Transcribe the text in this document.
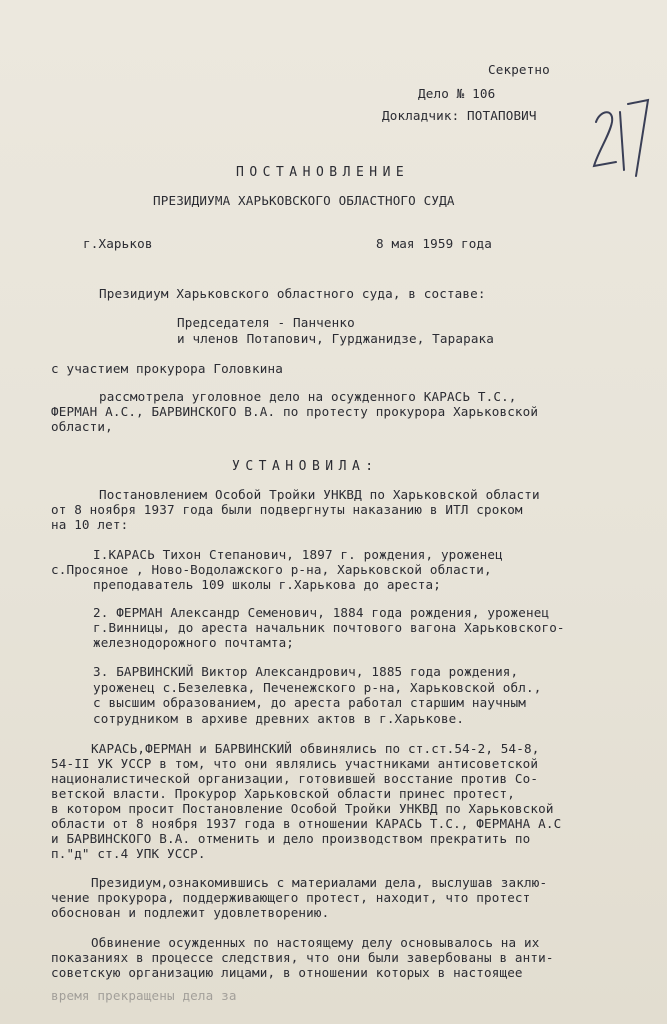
Секретно
Дело № 106
Докладчик: ПОТАПОВИЧ
ПОСТАНОВЛЕНИЕ
ПРЕЗИДИУМА ХАРЬКОВСКОГО ОБЛАСТНОГО СУДА
г.Харьков	8 мая 1959 года
Президиум Харьковского областного суда, в составе:
Председателя - Панченко
и членов Потапович, Гурджанидзе, Тарарака
с участием прокурора Головкина
рассмотрела уголовное дело на осужденного КАРАСЬ Т.С.,
ФЕРМАН А.С., БАРВИНСКОГО В.А. по протесту прокурора Харьковской
области,
УСТАНОВИЛА:
Постановлением Особой Тройки УНКВД по Харьковской области
от 8 ноября 1937 года были подвергнуты наказанию в ИТЛ сроком
на 10 лет:
I.КАРАСЬ Тихон Степанович, 1897 г. рождения, уроженец
с.Просяное , Ново-Водолажского р-на, Харьковской области,
преподаватель 109 школы г.Харькова до ареста;
2. ФЕРМАН Александр Семенович, 1884 года рождения, уроженец
г.Винницы, до ареста начальник почтового вагона Харьковского-
железнодорожного почтамта;
3. БАРВИНСКИЙ Виктор Александрович, 1885 года рождения,
уроженец с.Безелевка, Печенежского р-на, Харьковской обл.,
с высшим образованием, до ареста работал старшим научным
сотрудником в архиве древних актов в г.Харькове.
КАРАСЬ,ФЕРМАН и БАРВИНСКИЙ обвинялись по ст.ст.54-2, 54-8,
54-II УК УССР в том, что они являлись участниками антисоветской
националистической организации, готовившей восстание против Со-
ветской власти. Прокурор Харьковской области принес протест,
в котором просит Постановление Особой Тройки УНКВД по Харьковской
области от 8 ноября 1937 года в отношении КАРАСЬ Т.С., ФЕРМАНА А.С
и БАРВИНСКОГО В.А. отменить и дело производством прекратить по
п."д" ст.4 УПК УССР.
Президиум,ознакомившись с материалами дела, выслушав заклю-
чение прокурора, поддерживающего протест, находит, что протест
обоснован и подлежит удовлетворению.
Обвинение осужденных по настоящему делу основывалось на их
показаниях в процессе следствия, что они были завербованы в анти-
советскую организацию лицами, в отношении которых в настоящее
время прекращены дела за
